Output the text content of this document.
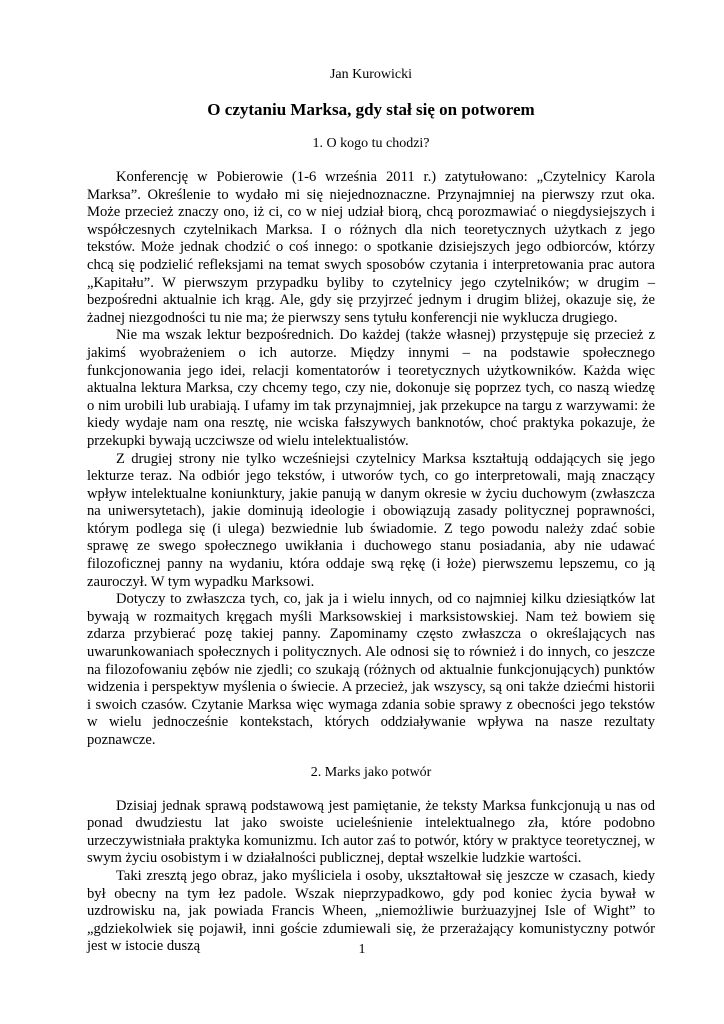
Jan Kurowicki
O czytaniu Marksa, gdy stał się on potworem
1. O kogo tu chodzi?

Konferencję w Pobierowie (1-6 września 2011 r.) zatytułowano: „Czytelnicy Karola Marksa”. Określenie to wydało mi się niejednoznaczne. Przynajmniej na pierwszy rzut oka. Może przecież znaczy ono, iż ci, co w niej udział biorą, chcą porozmawiać o niegdysiejszych i współczesnych czytelnikach Marksa. I o różnych dla nich teoretycznych użytkach z jego tekstów. Może jednak chodzić o coś innego: o spotkanie dzisiejszych jego odbiorców, którzy chcą się podzielić refleksjami na temat swych sposobów czytania i interpretowania prac autora „Kapitału”. W pierwszym przypadku byliby to czytelnicy jego czytelników; w drugim – bezpośredni aktualnie ich krąg. Ale, gdy się przyjrzeć jednym i drugim bliżej, okazuje się, że żadnej niezgodności tu nie ma; że pierwszy sens tytułu konferencji nie wyklucza drugiego.

Nie ma wszak lektur bezpośrednich. Do każdej (także własnej) przystępuje się przecież z jakimś wyobrażeniem o ich autorze. Między innymi – na podstawie społecznego funkcjonowania jego idei, relacji komentatorów i teoretycznych użytkowników. Każda więc aktualna lektura Marksa, czy chcemy tego, czy nie, dokonuje się poprzez tych, co naszą wiedzę o nim urobili lub urabiają. I ufamy im tak przynajmniej, jak przekupce na targu z warzywami: że kiedy wydaje nam ona resztę, nie wciska fałszywych banknotów, choć praktyka pokazuje, że przekupki bywają uczciwsze od wielu intelektualistów.

Z drugiej strony nie tylko wcześniejsi czytelnicy Marksa kształtują oddających się jego lekturze teraz. Na odbiór jego tekstów, i utworów tych, co go interpretowali, mają znaczący wpływ intelektualne koniunktury, jakie panują w danym okresie w życiu duchowym (zwłaszcza na uniwersytetach), jakie dominują ideologie i obowiązują zasady politycznej poprawności, którym podlega się (i ulega) bezwiednie lub świadomie. Z tego powodu należy zdać sobie sprawę ze swego społecznego uwikłania i duchowego stanu posiadania, aby nie udawać filozoficznej panny na wydaniu, która oddaje swą rękę (i łoże) pierwszemu lepszemu, co ją zauroczył. W tym wypadku Marksowi.

Dotyczy to zwłaszcza tych, co, jak ja i wielu innych, od co najmniej kilku dziesiątków lat bywają w rozmaitych kręgach myśli Marksowskiej i marksistowskiej. Nam też bowiem się zdarza przybierać pozę takiej panny. Zapominamy często zwłaszcza o określających nas uwarunkowaniach społecznych i politycznych. Ale odnosi się to również i do innych, co jeszcze na filozofowaniu zębów nie zjedli; co szukają (różnych od aktualnie funkcjonujących) punktów widzenia i perspektyw myślenia o świecie. A przecież, jak wszyscy, są oni także dziećmi historii i swoich czasów. Czytanie Marksa więc wymaga zdania sobie sprawy z obecności jego tekstów w wielu jednocześnie kontekstach, których oddziaływanie wpływa na nasze rezultaty poznawcze.

2. Marks jako potwór

Dzisiaj jednak sprawą podstawową jest pamiętanie, że teksty Marksa funkcjonują u nas od ponad dwudziestu lat jako swoiste ucieleśnienie intelektualnego zła, które podobno urzeczywistniała praktyka komunizmu. Ich autor zaś to potwór, który w praktyce teoretycznej, w swym życiu osobistym i w działalności publicznej, deptał wszelkie ludzkie wartości.

Taki zresztą jego obraz, jako myśliciela i osoby, ukształtował się jeszcze w czasach, kiedy był obecny na tym łez padole. Wszak nieprzypadkowo, gdy pod koniec życia bywał w uzdrowisku na, jak powiada Francis Wheen, „niemożliwie burżuazyjnej Isle of Wight” to „gdziekolwiek się pojawił, inni goście zdumiewali się, że przerażający komunistyczny potwór jest w istocie duszą	1
